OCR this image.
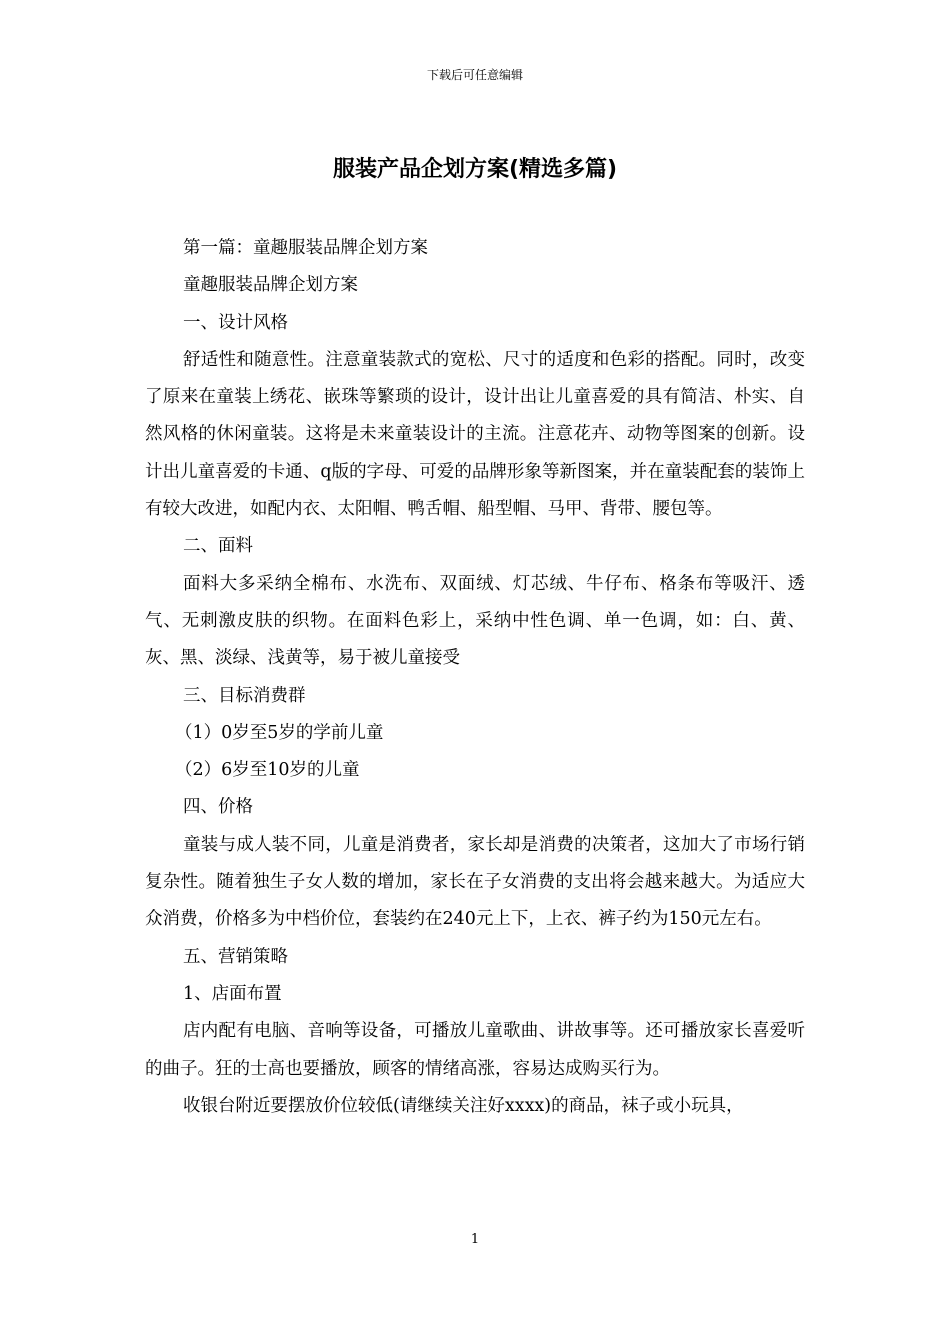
下载后可任意编辑
服装产品企划方案(精选多篇)

第一篇：童趣服装品牌企划方案

童趣服装品牌企划方案

一、设计风格

舒适性和随意性。注意童装款式的宽松、尺寸的适度和色彩的搭配。同时，改变了原来在童装上绣花、嵌珠等繁琐的设计，设计出让儿童喜爱的具有简洁、朴实、自然风格的休闲童装。这将是未来童装设计的主流。注意花卉、动物等图案的创新。设计出儿童喜爱的卡通、q版的字母、可爱的品牌形象等新图案，并在童装配套的装饰上有较大改进，如配内衣、太阳帽、鸭舌帽、船型帽、马甲、背带、腰包等。

二、面料

面料大多采纳全棉布、水洗布、双面绒、灯芯绒、牛仔布、格条布等吸汗、透气、无刺激皮肤的织物。在面料色彩上，采纳中性色调、单一色调，如：白、黄、灰、黑、淡绿、浅黄等，易于被儿童接受

三、目标消费群

（1）0岁至5岁的学前儿童

（2）6岁至10岁的儿童

四、价格

童装与成人装不同，儿童是消费者，家长却是消费的决策者，这加大了市场行销复杂性。随着独生子女人数的增加，家长在子女消费的支出将会越来越大。为适应大众消费，价格多为中档价位，套装约在240元上下，上衣、裤子约为150元左右。

五、营销策略

1、店面布置

店内配有电脑、音响等设备，可播放儿童歌曲、讲故事等。还可播放家长喜爱听的曲子。狂的士高也要播放，顾客的情绪高涨，容易达成购买行为。

收银台附近要摆放价位较低(请继续关注好xxxx)的商品，袜子或小玩具，

1
